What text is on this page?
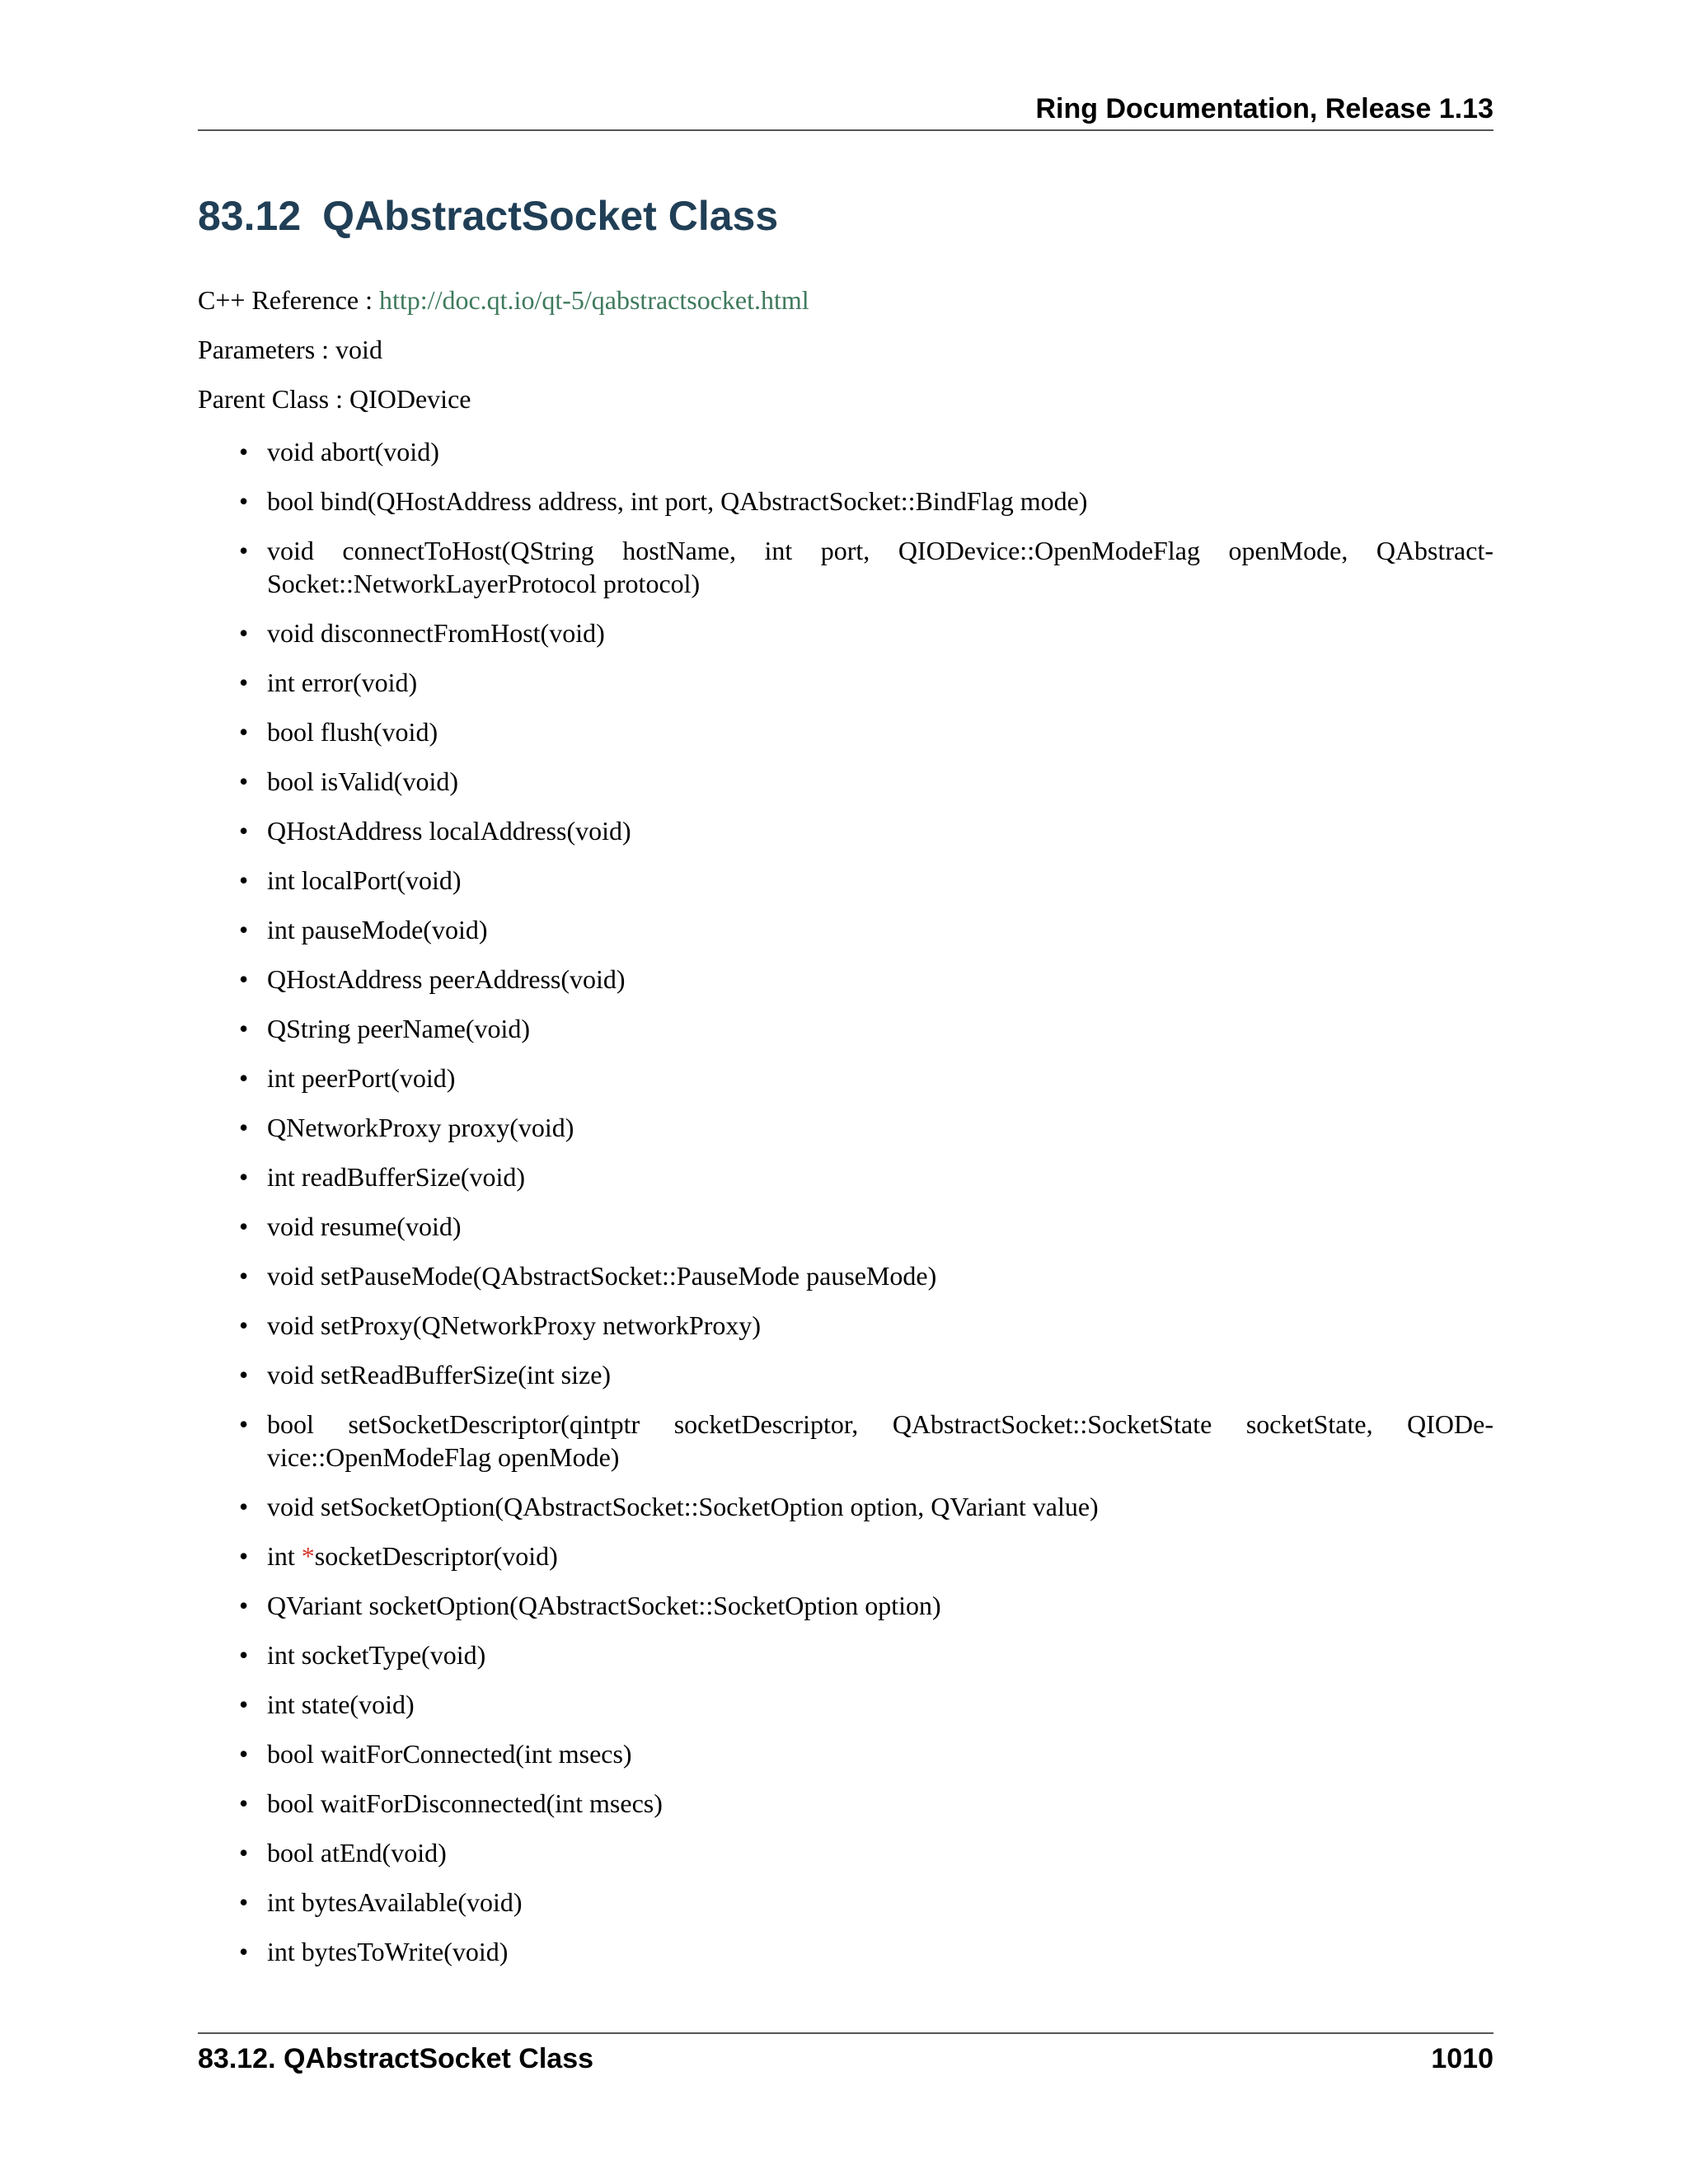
Ring Documentation, Release 1.13
83.12 QAbstractSocket Class
C++ Reference : http://doc.qt.io/qt-5/qabstractsocket.html
Parameters : void
Parent Class : QIODevice
• void abort(void)
• bool bind(QHostAddress address, int port, QAbstractSocket::BindFlag mode)
• void connectToHost(QString hostName, int port, QIODevice::OpenModeFlag openMode, QAbstract-Socket::NetworkLayerProtocol protocol)
• void disconnectFromHost(void)
• int error(void)
• bool flush(void)
• bool isValid(void)
• QHostAddress localAddress(void)
• int localPort(void)
• int pauseMode(void)
• QHostAddress peerAddress(void)
• QString peerName(void)
• int peerPort(void)
• QNetworkProxy proxy(void)
• int readBufferSize(void)
• void resume(void)
• void setPauseMode(QAbstractSocket::PauseMode pauseMode)
• void setProxy(QNetworkProxy networkProxy)
• void setReadBufferSize(int size)
• bool setSocketDescriptor(qintptr socketDescriptor, QAbstractSocket::SocketState socketState, QIODe-vice::OpenModeFlag openMode)
• void setSocketOption(QAbstractSocket::SocketOption option, QVariant value)
• int *socketDescriptor(void)
• QVariant socketOption(QAbstractSocket::SocketOption option)
• int socketType(void)
• int state(void)
• bool waitForConnected(int msecs)
• bool waitForDisconnected(int msecs)
• bool atEnd(void)
• int bytesAvailable(void)
• int bytesToWrite(void)
83.12. QAbstractSocket Class	1010
